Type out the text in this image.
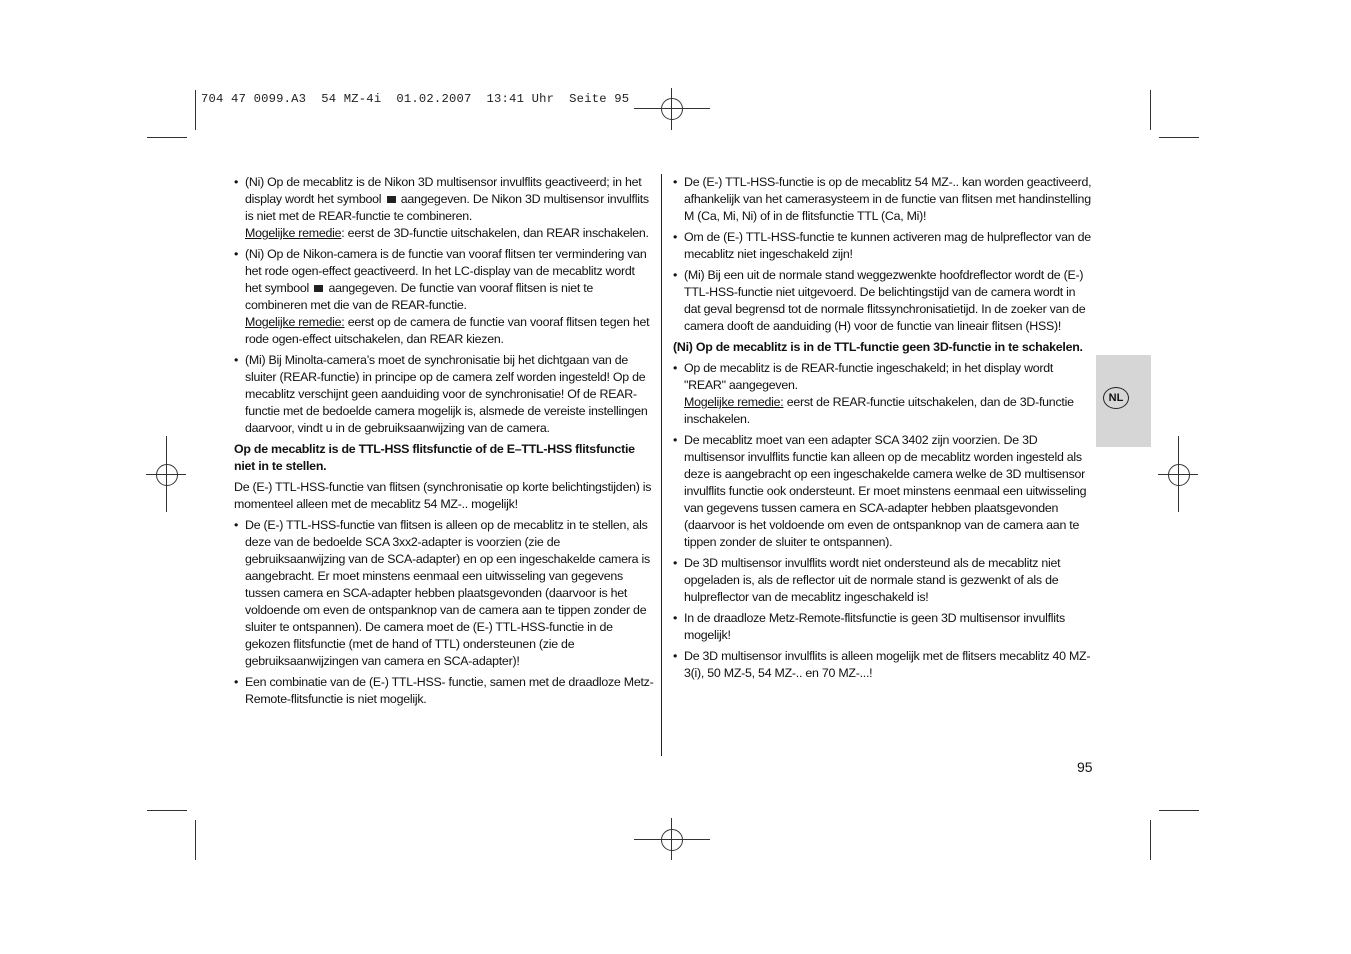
704 47 0099.A3  54 MZ-4i  01.02.2007  13:41 Uhr  Seite 95
• (Ni) Op de mecablitz is de Nikon 3D multisensor invulflits geactiveerd; in het display wordt het symbool aangegeven. De Nikon 3D multisensor invulflits is niet met de REAR-functie te combineren.
Mogelijke remedie: eerst de 3D-functie uitschakelen, dan REAR inschakelen.
• (Ni) Op de Nikon-camera is de functie van vooraf flitsen ter vermindering van het rode ogen-effect geactiveerd. In het LC-display van de mecablitz wordt het symbool aangegeven. De functie van vooraf flitsen is niet te combineren met die van de REAR-functie.
Mogelijke remedie: eerst op de camera de functie van vooraf flitsen tegen het rode ogen-effect uitschakelen, dan REAR kiezen.
• (Mi) Bij Minolta-camera’s moet de synchronisatie bij het dichtgaan van de sluiter (REAR-functie) in principe op de camera zelf worden ingesteld! Op de mecablitz verschijnt geen aanduiding voor de synchronisatie! Of de REAR-functie met de bedoelde camera mogelijk is, alsmede de vereiste instellingen daarvoor, vindt u in de gebruiksaanwijzing van de camera.

Op de mecablitz is de TTL-HSS flitsfunctie of de E–TTL-HSS flitsfunctie niet in te stellen.

De (E-) TTL-HSS-functie van flitsen (synchronisatie op korte belichtingstijden) is momenteel alleen met de mecablitz 54 MZ-.. mogelijk!

• De (E-) TTL-HSS-functie van flitsen is alleen op de mecablitz in te stellen, als deze van de bedoelde SCA 3xx2-adapter is voorzien (zie de gebruiksaanwijzing van de SCA-adapter) en op een ingeschakelde camera is aangebracht. Er moet minstens eenmaal een uitwisseling van gegevens tussen camera en SCA-adapter hebben plaatsgevonden (daarvoor is het voldoende om even de ontspanknop van de camera aan te tippen zonder de sluiter te ontspannen). De camera moet de (E-) TTL-HSS-functie in de gekozen flitsfunctie (met de hand of TTL) ondersteunen (zie de gebruiksaanwijzingen van camera en SCA-adapter)!
• Een combinatie van de (E-) TTL-HSS- functie, samen met de draadloze Metz-Remote-flitsfunctie is niet mogelijk.
• De (E-) TTL-HSS-functie is op de mecablitz 54 MZ-.. kan worden geactiveerd, afhankelijk van het camerasysteem in de functie van flitsen met handinstelling M (Ca, Mi, Ni) of in de flitsfunctie TTL (Ca, Mi)!
• Om de (E-) TTL-HSS-functie te kunnen activeren mag de hulpreflector van de mecablitz niet ingeschakeld zijn!
• (Mi) Bij een uit de normale stand weggezwenkte hoofdreflector wordt de (E-) TTL-HSS-functie niet uitgevoerd. De belichtingstijd van de camera wordt in dat geval begrensd tot de normale flitssynchronisatietijd. In de zoeker van de camera dooft de aanduiding (H) voor de functie van lineair flitsen (HSS)!

(Ni) Op de mecablitz is in de TTL-functie geen 3D-functie in te schakelen.

• Op de mecablitz is de REAR-functie ingeschakeld; in het display wordt "REAR" aangegeven.
Mogelijke remedie: eerst de REAR-functie uitschakelen, dan de 3D-functie inschakelen.
• De mecablitz moet van een adapter SCA 3402 zijn voorzien. De 3D multisensor invulflits functie kan alleen op de mecablitz worden ingesteld als deze is aangebracht op een ingeschakelde camera welke de 3D multisensor invulflits functie ook ondersteunt. Er moet minstens eenmaal een uitwisseling van gegevens tussen camera en SCA-adapter hebben plaatsgevonden (daarvoor is het voldoende om even de ontspanknop van de camera aan te tippen zonder de sluiter te ontspannen).
• De 3D multisensor invulflits wordt niet ondersteund als de mecablitz niet opgeladen is, als de reflector uit de normale stand is gezwenkt of als de hulpreflector van de mecablitz ingeschakeld is!
• In de draadloze Metz-Remote-flitsfunctie is geen 3D multisensor invulflits mogelijk!
• De 3D multisensor invulflits is alleen mogelijk met de flitsers mecablitz 40 MZ-3(i), 50 MZ-5, 54 MZ-.. en 70 MZ-...!
NL
95
